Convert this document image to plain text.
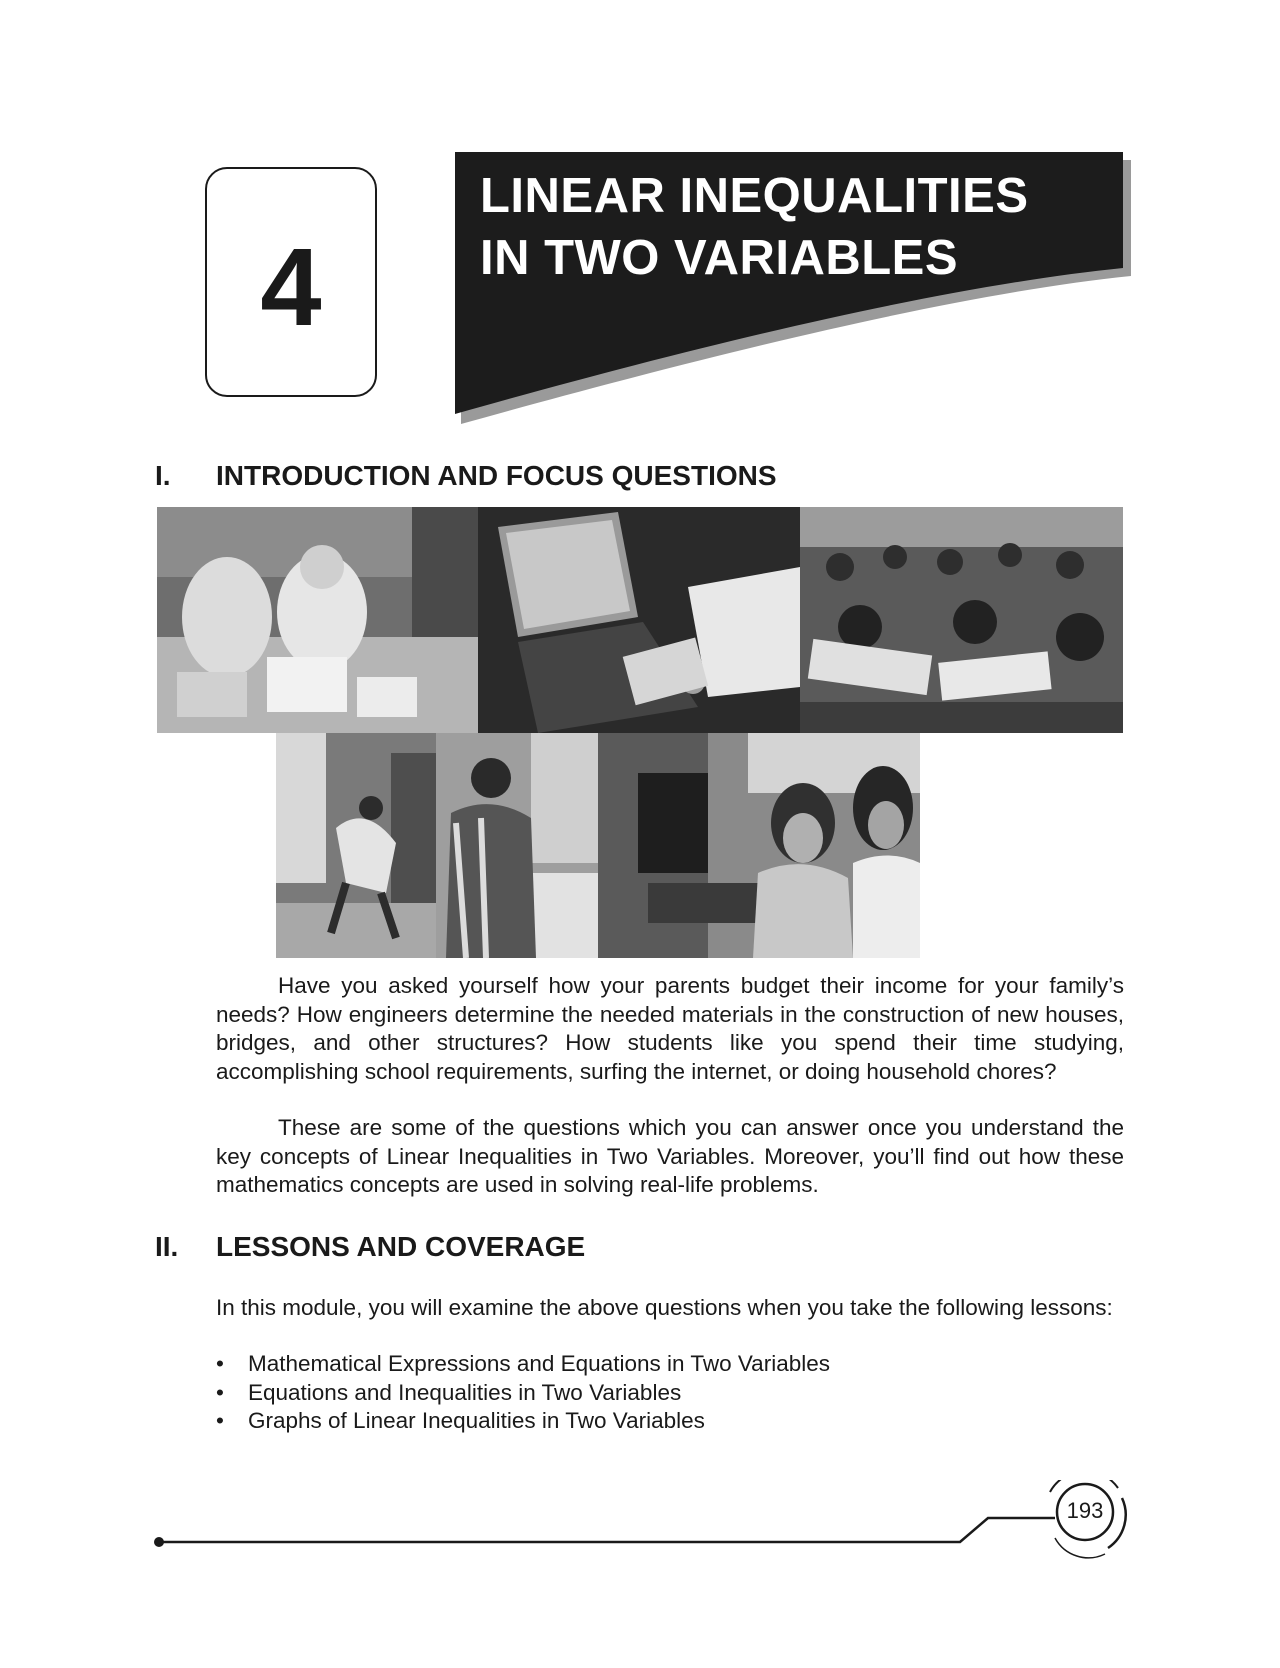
4
LINEAR INEQUALITIES
IN TWO VARIABLES
I. INTRODUCTION AND FOCUS QUESTIONS
Have you asked yourself how your parents budget their income for your family’s needs? How engineers determine the needed materials in the construction of new houses, bridges, and other structures? How students like you spend their time studying, accomplishing school requirements, surfing the internet, or doing household chores?
These are some of the questions which you can answer once you understand the key concepts of Linear Inequalities in Two Variables. Moreover, you’ll find out how these mathematics concepts are used in solving real-life problems.
II. LESSONS AND COVERAGE
In this module, you will examine the above questions when you take the following lessons:
• Mathematical Expressions and Equations in Two Variables
• Equations and Inequalities in Two Variables
• Graphs of Linear Inequalities in Two Variables
193
